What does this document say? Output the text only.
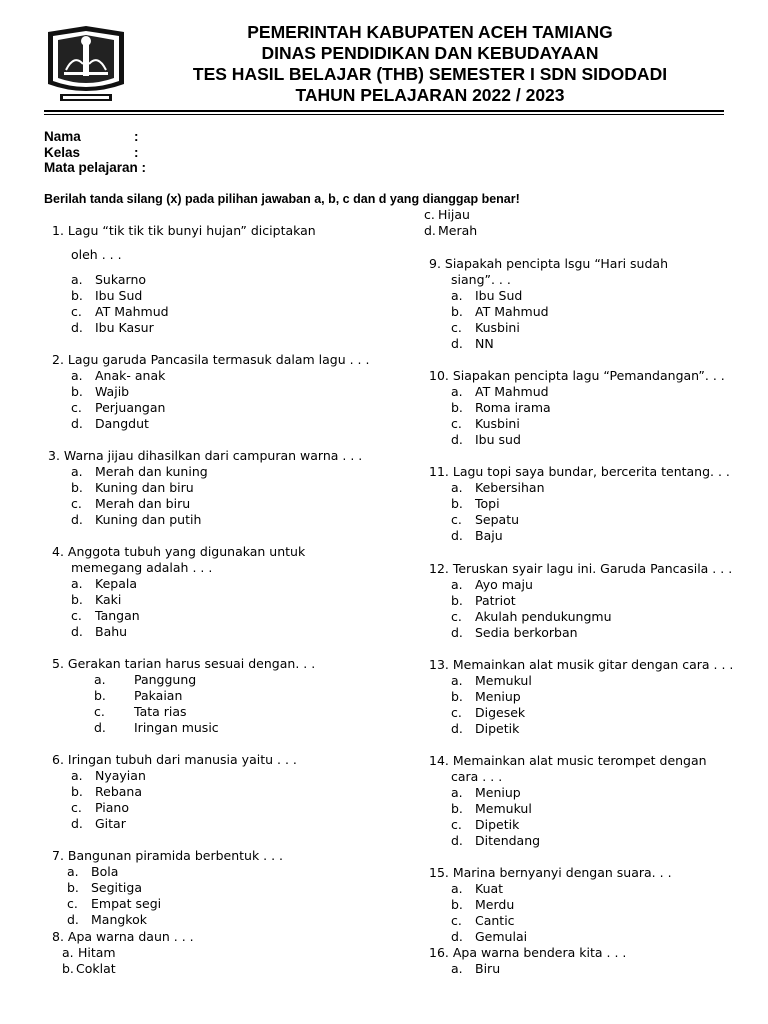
PEMERINTAH KABUPATEN ACEH TAMIANG
DINAS PENDIDIKAN DAN KEBUDAYAAN
TES HASIL BELAJAR (THB) SEMESTER I SDN SIDODADI
TAHUN PELAJARAN 2022 / 2023
Nama	:
Kelas	:
Mata pelajaran :
Berilah tanda silang (x) pada pilihan jawaban a, b, c dan d yang dianggap benar!
1. Lagu “tik tik tik bunyi hujan” diciptakan
oleh . . .
a. Sukarno
b. Ibu Sud
c. AT Mahmud
d. Ibu Kasur
2. Lagu garuda Pancasila termasuk dalam lagu . . .
a. Anak- anak
b. Wajib
c. Perjuangan
d. Dangdut
3. Warna jijau dihasilkan dari campuran warna . . .
a. Merah dan kuning
b. Kuning dan biru
c. Merah dan biru
d. Kuning dan putih
4. Anggota tubuh yang digunakan untuk
memegang adalah . . .
a. Kepala
b. Kaki
c. Tangan
d. Bahu
5. Gerakan tarian harus sesuai dengan. . .
a. Panggung
b. Pakaian
c. Tata rias
d. Iringan music
6. Iringan tubuh dari manusia yaitu . . .
a. Nyayian
b. Rebana
c. Piano
d. Gitar
7. Bangunan piramida berbentuk . . .
a. Bola
b. Segitiga
c. Empat segi
d. Mangkok
8. Apa warna daun . . .
a. Hitam
b. Coklat
c. Hijau
d. Merah
9. Siapakah pencipta lsgu “Hari sudah
siang”. . .
a. Ibu Sud
b. AT Mahmud
c. Kusbini
d. NN
10. Siapakan pencipta lagu “Pemandangan”. . .
a. AT Mahmud
b. Roma irama
c. Kusbini
d. Ibu sud
11. Lagu topi saya bundar, bercerita tentang. . .
a. Kebersihan
b. Topi
c. Sepatu
d. Baju
12. Teruskan syair lagu ini. Garuda Pancasila . . .
a. Ayo maju
b. Patriot
c. Akulah pendukungmu
d. Sedia berkorban
13. Memainkan alat musik gitar dengan cara . . .
a. Memukul
b. Meniup
c. Digesek
d. Dipetik
14. Memainkan alat music terompet dengan
cara . . .
a. Meniup
b. Memukul
c. Dipetik
d. Ditendang
15. Marina bernyanyi dengan suara. . .
a. Kuat
b. Merdu
c. Cantic
d. Gemulai
16. Apa warna bendera kita . . .
a. Biru
